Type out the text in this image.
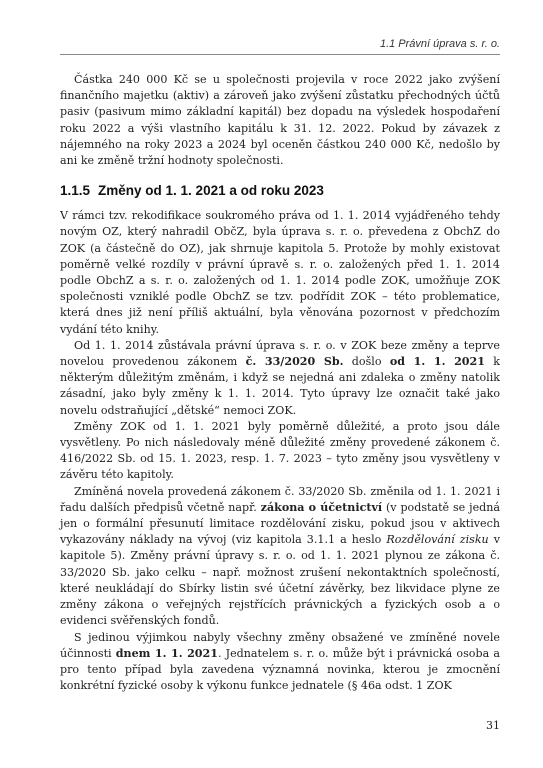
1.1 Právní úprava s. r. o.

Částka 240 000 Kč se u společnosti projevila v roce 2022 jako zvýšení finančního majetku (aktiv) a zároveň jako zvýšení zůstatku přechodných účtů pasiv (pasivum mimo základní kapitál) bez dopadu na výsledek hospodaření roku 2022 a výši vlastního kapitálu k 31. 12. 2022. Pokud by závazek z nájemného na roky 2023 a 2024 byl oceněn částkou 240 000 Kč, nedošlo by ani ke změně tržní hodnoty společnosti.

1.1.5 Změny od 1. 1. 2021 a od roku 2023

V rámci tzv. rekodifikace soukromého práva od 1. 1. 2014 vyjádřeného tehdy novým OZ, který nahradil ObčZ, byla úprava s. r. o. převedena z ObchZ do ZOK (a částečně do OZ), jak shrnuje kapitola 5. Protože by mohly existovat poměrně velké rozdíly v právní úpravě s. r. o. založených před 1. 1. 2014 podle ObchZ a s. r. o. založených od 1. 1. 2014 podle ZOK, umožňuje ZOK společnosti vzniklé podle ObchZ se tzv. podřídit ZOK – této problematice, která dnes již není příliš aktuální, byla věnována pozornost v předchozím vydání této knihy.

Od 1. 1. 2014 zůstávala právní úprava s. r. o. v ZOK beze změny a teprve novelou provedenou zákonem č. 33/2020 Sb. došlo od 1. 1. 2021 k některým důležitým změnám, i když se nejedná ani zdaleka o změny natolik zásadní, jako byly změny k 1. 1. 2014. Tyto úpravy lze označit také jako novelu odstraňující „dětské“ nemoci ZOK.

Změny ZOK od 1. 1. 2021 byly poměrně důležité, a proto jsou dále vysvětleny. Po nich následovaly méně důležité změny provedené zákonem č. 416/2022 Sb. od 15. 1. 2023, resp. 1. 7. 2023 – tyto změny jsou vysvětleny v závěru této kapitoly.

Zmíněná novela provedená zákonem č. 33/2020 Sb. změnila od 1. 1. 2021 i řadu dalších předpisů včetně např. zákona o účetnictví (v podstatě se jedná jen o formální přesunutí limitace rozdělování zisku, pokud jsou v aktivech vykazovány náklady na vývoj (viz kapitola 3.1.1 a heslo Rozdělování zisku v kapitole 5). Změny právní úpravy s. r. o. od 1. 1. 2021 plynou ze zákona č. 33/2020 Sb. jako celku – např. možnost zrušení nekontaktních společností, které neukládají do Sbírky listin své účetní závěrky, bez likvidace plyne ze změny zákona o veřejných rejstřících právnických a fyzických osob a o evidenci svěřenských fondů.

S jedinou výjimkou nabyly všechny změny obsažené ve zmíněné novele účinnosti dnem 1. 1. 2021. Jednatelem s. r. o. může být i právnická osoba a pro tento případ byla zavedena významná novinka, kterou je zmocnění konkrétní fyzické osoby k výkonu funkce jednatele (§ 46a odst. 1 ZOK

31
